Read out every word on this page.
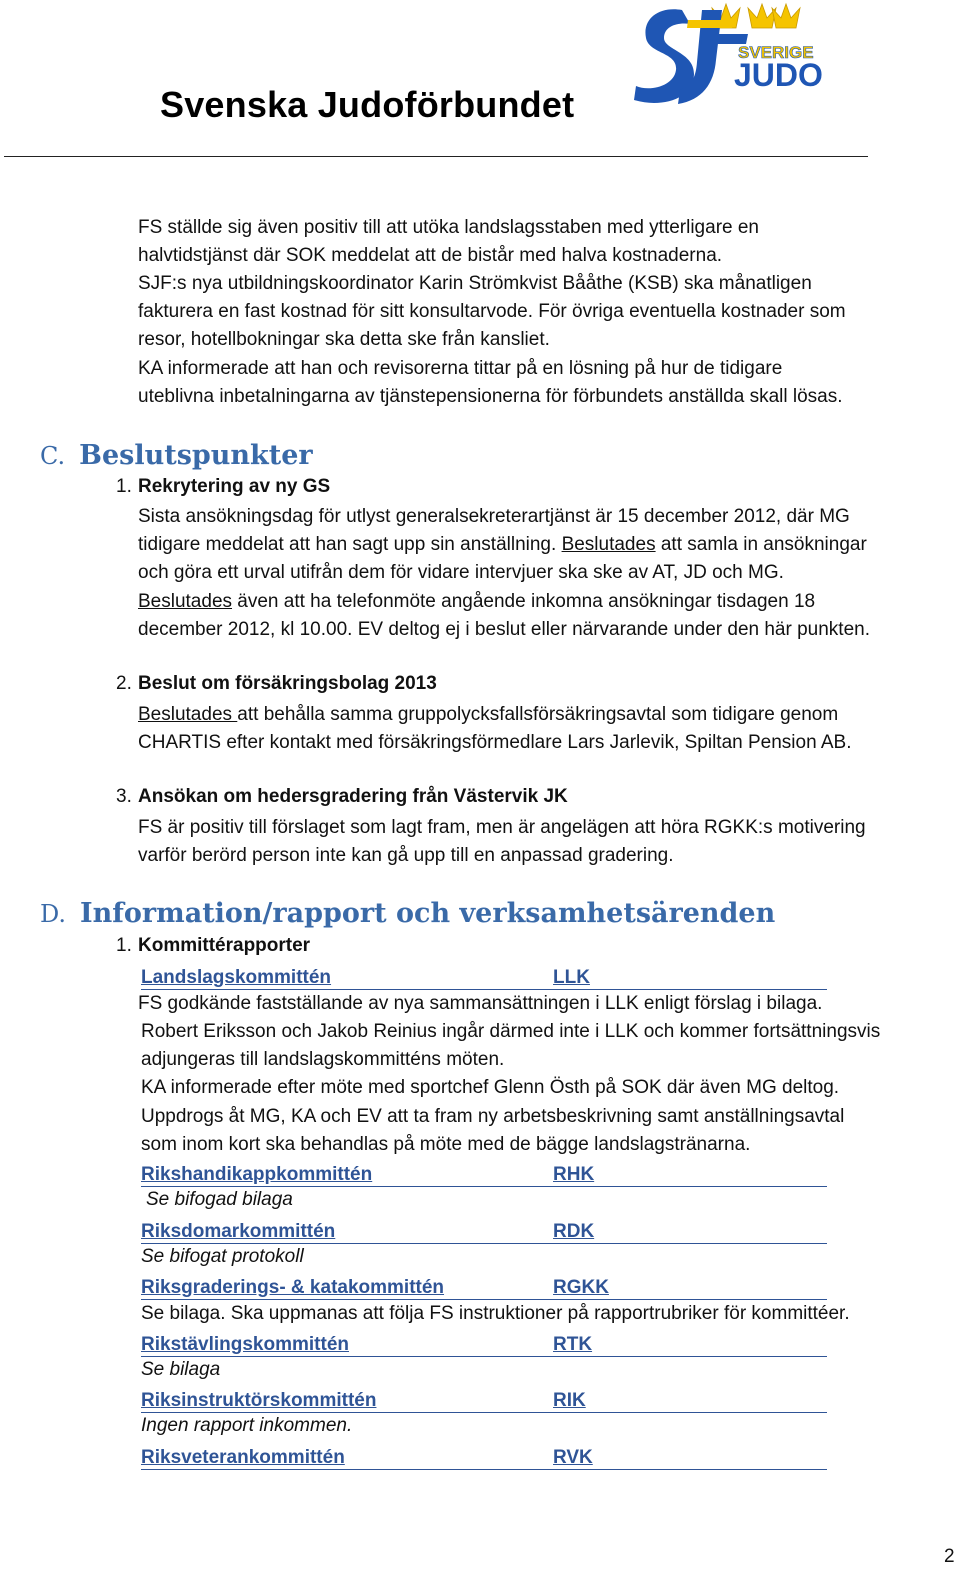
Svenska Judoförbundet
SVERIGE
JUDO

FS ställde sig även positiv till att utöka landslagsstaben med ytterligare en

halvtidstjänst där SOK meddelat att de bistår med halva kostnaderna.

SJF:s nya utbildningskoordinator Karin Strömkvist Bååthe (KSB) ska månatligen

fakturera en fast kostnad för sitt konsultarvode. För övriga eventuella kostnader som

resor, hotellbokningar ska detta ske från kansliet.

KA informerade att han och revisorerna tittar på en lösning på hur de tidigare

uteblivna inbetalningarna av tjänstepensionerna för förbundets anställda skall lösas.

C. Beslutspunkter
1. Rekrytering av ny GS

Sista ansökningsdag för utlyst generalsekreterartjänst är 15 december 2012, där MG

tidigare meddelat att han sagt upp sin anställning. Beslutades att samla in ansökningar

och göra ett urval utifrån dem för vidare intervjuer ska ske av AT, JD och MG.

Beslutades även att ha telefonmöte angående inkomna ansökningar tisdagen 18

december 2012, kl 10.00. EV deltog ej i beslut eller närvarande under den här punkten.

2. Beslut om försäkringsbolag 2013

Beslutades att behålla samma gruppolycksfallsförsäkringsavtal som tidigare genom

CHARTIS efter kontakt med försäkringsförmedlare Lars Jarlevik, Spiltan Pension AB.

3. Ansökan om hedersgradering från Västervik JK

FS är positiv till förslaget som lagt fram, men är angelägen att höra RGKK:s motivering

varför berörd person inte kan gå upp till en anpassad gradering.

D. Information/rapport och verksamhetsärenden
1. Kommittérapporter
Landslagskommittén	LLK

FS godkände fastställande av nya sammansättningen i LLK enligt förslag i bilaga.

Robert Eriksson och Jakob Reinius ingår därmed inte i LLK och kommer fortsättningsvis

adjungeras till landslagskommitténs möten.

KA informerade efter möte med sportchef Glenn Östh på SOK där även MG deltog.

Uppdrogs åt MG, KA och EV att ta fram ny arbetsbeskrivning samt anställningsavtal

som inom kort ska behandlas på möte med de bägge landslagstränarna.

Rikshandikappkommittén	RHK
Se bifogad bilaga
Riksdomarkommittén	RDK
Se bifogat protokoll
Riksgraderings- & katakommittén	RGKK

Se bilaga. Ska uppmanas att följa FS instruktioner på rapportrubriker för kommittéer.

Rikstävlingskommittén	RTK
Se bilaga
Riksinstruktörskommittén	RIK
Ingen rapport inkommen.
Riksveterankommittén	RVK
2
